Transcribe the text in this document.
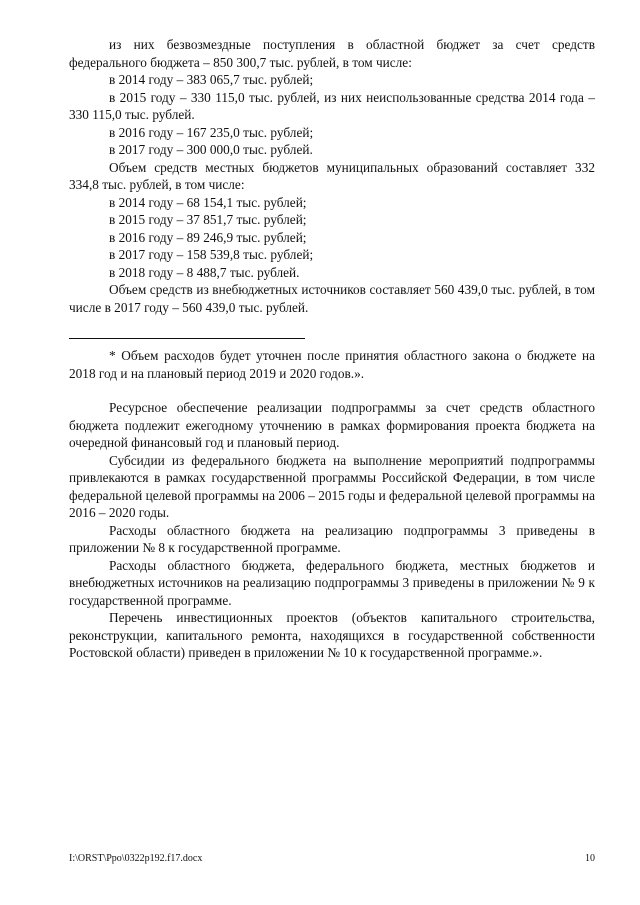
из них безвозмездные поступления в областной бюджет за счет средств федерального бюджета – 850 300,7 тыс. рублей, в том числе:

в 2014 году – 383 065,7 тыс. рублей;

в 2015 году – 330 115,0 тыс. рублей, из них неиспользованные средства 2014 года – 330 115,0 тыс. рублей.

в 2016 году – 167 235,0 тыс. рублей;

в 2017 году – 300 000,0 тыс. рублей.

Объем средств местных бюджетов муниципальных образований составляет 332 334,8 тыс. рублей, в том числе:

в 2014 году – 68 154,1 тыс. рублей;

в 2015 году – 37 851,7 тыс. рублей;

в 2016 году – 89 246,9 тыс. рублей;

в 2017 году – 158 539,8 тыс. рублей;

в 2018 году – 8 488,7 тыс. рублей.

Объем средств из внебюджетных источников составляет 560 439,0 тыс. рублей, в том числе в 2017 году – 560 439,0 тыс. рублей.

* Объем расходов будет уточнен после принятия областного закона о бюджете на 2018 год и на плановый период 2019 и 2020 годов.».

Ресурсное обеспечение реализации подпрограммы за счет средств областного бюджета подлежит ежегодному уточнению в рамках формирования проекта бюджета на очередной финансовый год и плановый период.

Субсидии из федерального бюджета на выполнение мероприятий подпрограммы привлекаются в рамках государственной программы Российской Федерации, в том числе федеральной целевой программы на 2006 – 2015 годы и федеральной целевой программы на 2016 – 2020 годы.

Расходы областного бюджета на реализацию подпрограммы 3 приведены в приложении № 8 к государственной программе.

Расходы областного бюджета, федерального бюджета, местных бюджетов и внебюджетных источников на реализацию подпрограммы 3 приведены в приложении № 9 к государственной программе.

Перечень инвестиционных проектов (объектов капитального строительства, реконструкции, капитального ремонта, находящихся в государственной собственности Ростовской области) приведен в приложении № 10 к государственной программе.».

I:\ORST\Ppo\0322p192.f17.docx	10
